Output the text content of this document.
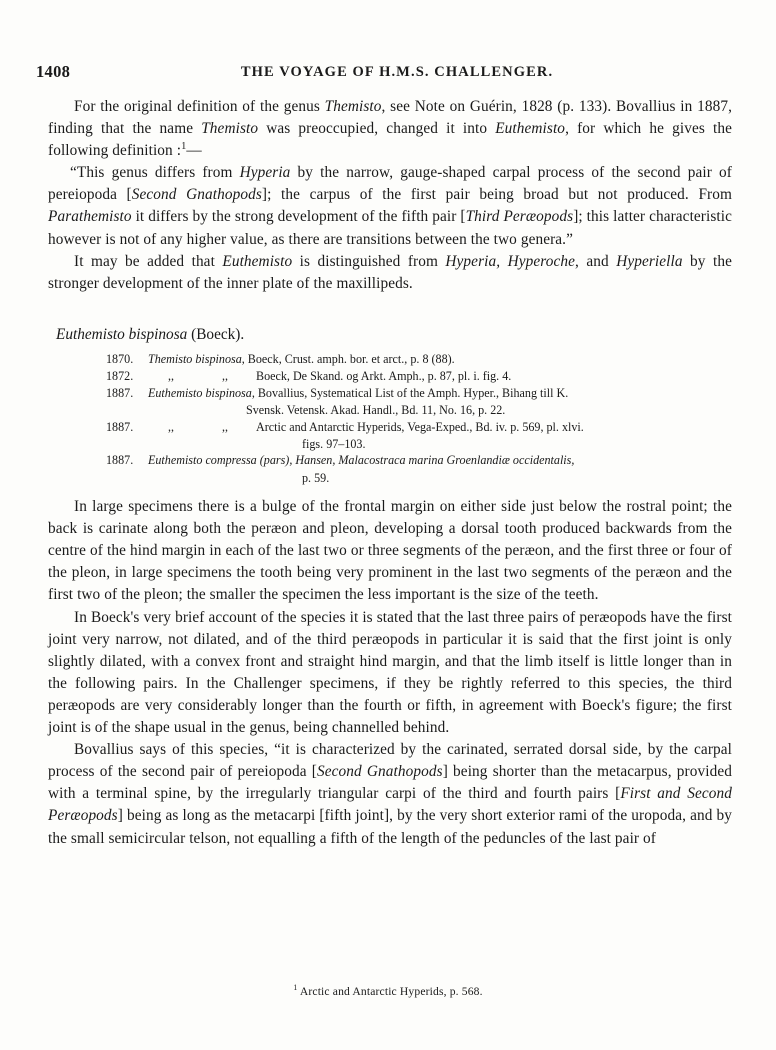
1408	THE VOYAGE OF H.M.S. CHALLENGER.

For the original definition of the genus Themisto, see Note on Guérin, 1828 (p. 133). Bovallius in 1887, finding that the name Themisto was preoccupied, changed it into Euthemisto, for which he gives the following definition :$^1$—

“This genus differs from Hyperia by the narrow, gauge-shaped carpal process of the second pair of pereiopoda [Second Gnathopods]; the carpus of the first pair being broad but not produced. From Parathemisto it differs by the strong development of the fifth pair [Third Peræopods]; this latter characteristic however is not of any higher value, as there are transitions between the two genera.”

It may be added that Euthemisto is distinguished from Hyperia, Hyperoche, and Hyperiella by the stronger development of the inner plate of the maxillipeds.

Euthemisto bispinosa (Boeck).
1870.	Themisto bispinosa, Boeck, Crust. amph. bor. et arct., p. 8 (88).
1872.	,,	,, Boeck, De Skand. og Arkt. Amph., p. 87, pl. i. fig. 4.
1887.	Euthemisto bispinosa, Bovallius, Systematical List of the Amph. Hyper., Bihang till K.
Svensk. Vetensk. Akad. Handl., Bd. 11, No. 16, p. 22.
1887.	,,	,, Arctic and Antarctic Hyperids, Vega-Exped., Bd. iv. p. 569, pl. xlvi.
figs. 97–103.
1887.	Euthemisto compressa (pars), Hansen, Malacostraca marina Groenlandiæ occidentalis,
p. 59.

In large specimens there is a bulge of the frontal margin on either side just below the rostral point; the back is carinate along both the peræon and pleon, developing a dorsal tooth produced backwards from the centre of the hind margin in each of the last two or three segments of the peræon, and the first three or four of the pleon, in large specimens the tooth being very prominent in the last two segments of the peræon and the first two of the pleon; the smaller the specimen the less important is the size of the teeth.

In Boeck's very brief account of the species it is stated that the last three pairs of peræopods have the first joint very narrow, not dilated, and of the third peræopods in particular it is said that the first joint is only slightly dilated, with a convex front and straight hind margin, and that the limb itself is little longer than in the following pairs. In the Challenger specimens, if they be rightly referred to this species, the third peræopods are very considerably longer than the fourth or fifth, in agreement with Boeck's figure; the first joint is of the shape usual in the genus, being channelled behind.

Bovallius says of this species, “it is characterized by the carinated, serrated dorsal side, by the carpal process of the second pair of pereiopoda [Second Gnathopods] being shorter than the metacarpus, provided with a terminal spine, by the irregularly triangular carpi of the third and fourth pairs [First and Second Peræopods] being as long as the metacarpi [fifth joint], by the very short exterior rami of the uropoda, and by the small semicircular telson, not equalling a fifth of the length of the peduncles of the last pair of

$^1$ Arctic and Antarctic Hyperids, p. 568.
